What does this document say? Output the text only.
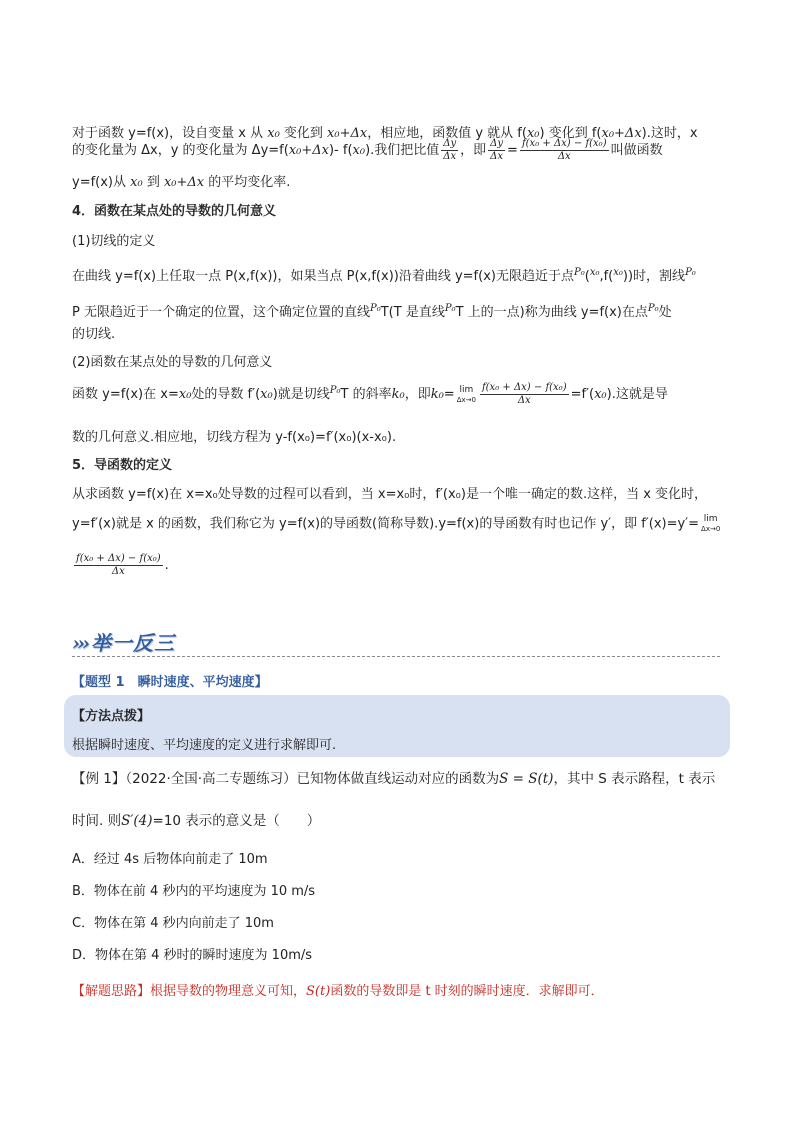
对于函数 y=f(x)，设自变量 x 从 x₀ 变化到 x₀+Δx，相应地，函数值 y 就从 f(x₀) 变化到 f(x₀+Δx).这时，x
的变化量为 Δx，y 的变化量为 Δy=f(x₀+Δx)- f(x₀).我们把比值 $\frac{\Delta y}{\Delta x}$ ，即 $\frac{\Delta y}{\Delta x} = \frac{\text{f(x₀ + Δx) − f(x₀)}}{\Delta x}$ 叫做函数
y=f(x)从 x₀ 到 x₀+Δx 的平均变化率.
4．函数在某点处的导数的几何意义
(1)切线的定义
在曲线 y=f(x)上任取一点 P(x,f(x))，如果当点 P(x,f(x))沿着曲线 y=f(x)无限趋近于点$^{P_0}$($^{x_0}$,f($^{x_0}$))时，割线$^{P_0}$
P 无限趋近于一个确定的位置，这个确定位置的直线$^{P_0}$T(T 是直线$^{P_0}$T 上的一点)称为曲线 y=f(x)在点$^{P_0}$处
的切线.
(2)函数在某点处的导数的几何意义
函数 y=f(x)在 x=x₀处的导数 f′(x₀)就是切线$^{P_0}$T 的斜率k₀，即k₀= lim
$\Delta x\to 0 \frac{\text{f(x₀ + Δx) − f(x₀)}}{\Delta x} =f'(x_0)$.这就是导
数的几何意义.相应地，切线方程为 y-f(x₀)=f′(x₀)(x-x₀).
5．导函数的定义
从求函数 y=f(x)在 x=x₀处导数的过程可以看到，当 x=x₀时，f′(x₀)是一个唯一确定的数.这样，当 x 变化时，
y=f′(x)就是 x 的函数，我们称它为 y=f(x)的导函数(简称导数).y=f(x)的导函数有时也记作 y′，即 f′(x)=y′= lim
Δx→0
$\frac{\text{f(x₀ + Δx) − f(x₀)}}{\Delta x}$ .
››› 举一反三
【题型 1　瞬时速度、平均速度】
【方法点拨】
根据瞬时速度、平均速度的定义进行求解即可.
【例 1】（2022·全国·高二专题练习）已知物体做直线运动对应的函数为S = S(t)，其中 S 表示路程，t 表示
时间. 则S′(4)=10 表示的意义是（　　）
A．经过 4s 后物体向前走了 10m
B．物体在前 4 秒内的平均速度为 10 m/s
C．物体在第 4 秒内向前走了 10m
D．物体在第 4 秒时的瞬时速度为 10m/s
【解题思路】根据导数的物理意义可知，S(t)函数的导数即是 t 时刻的瞬时速度．求解即可．
